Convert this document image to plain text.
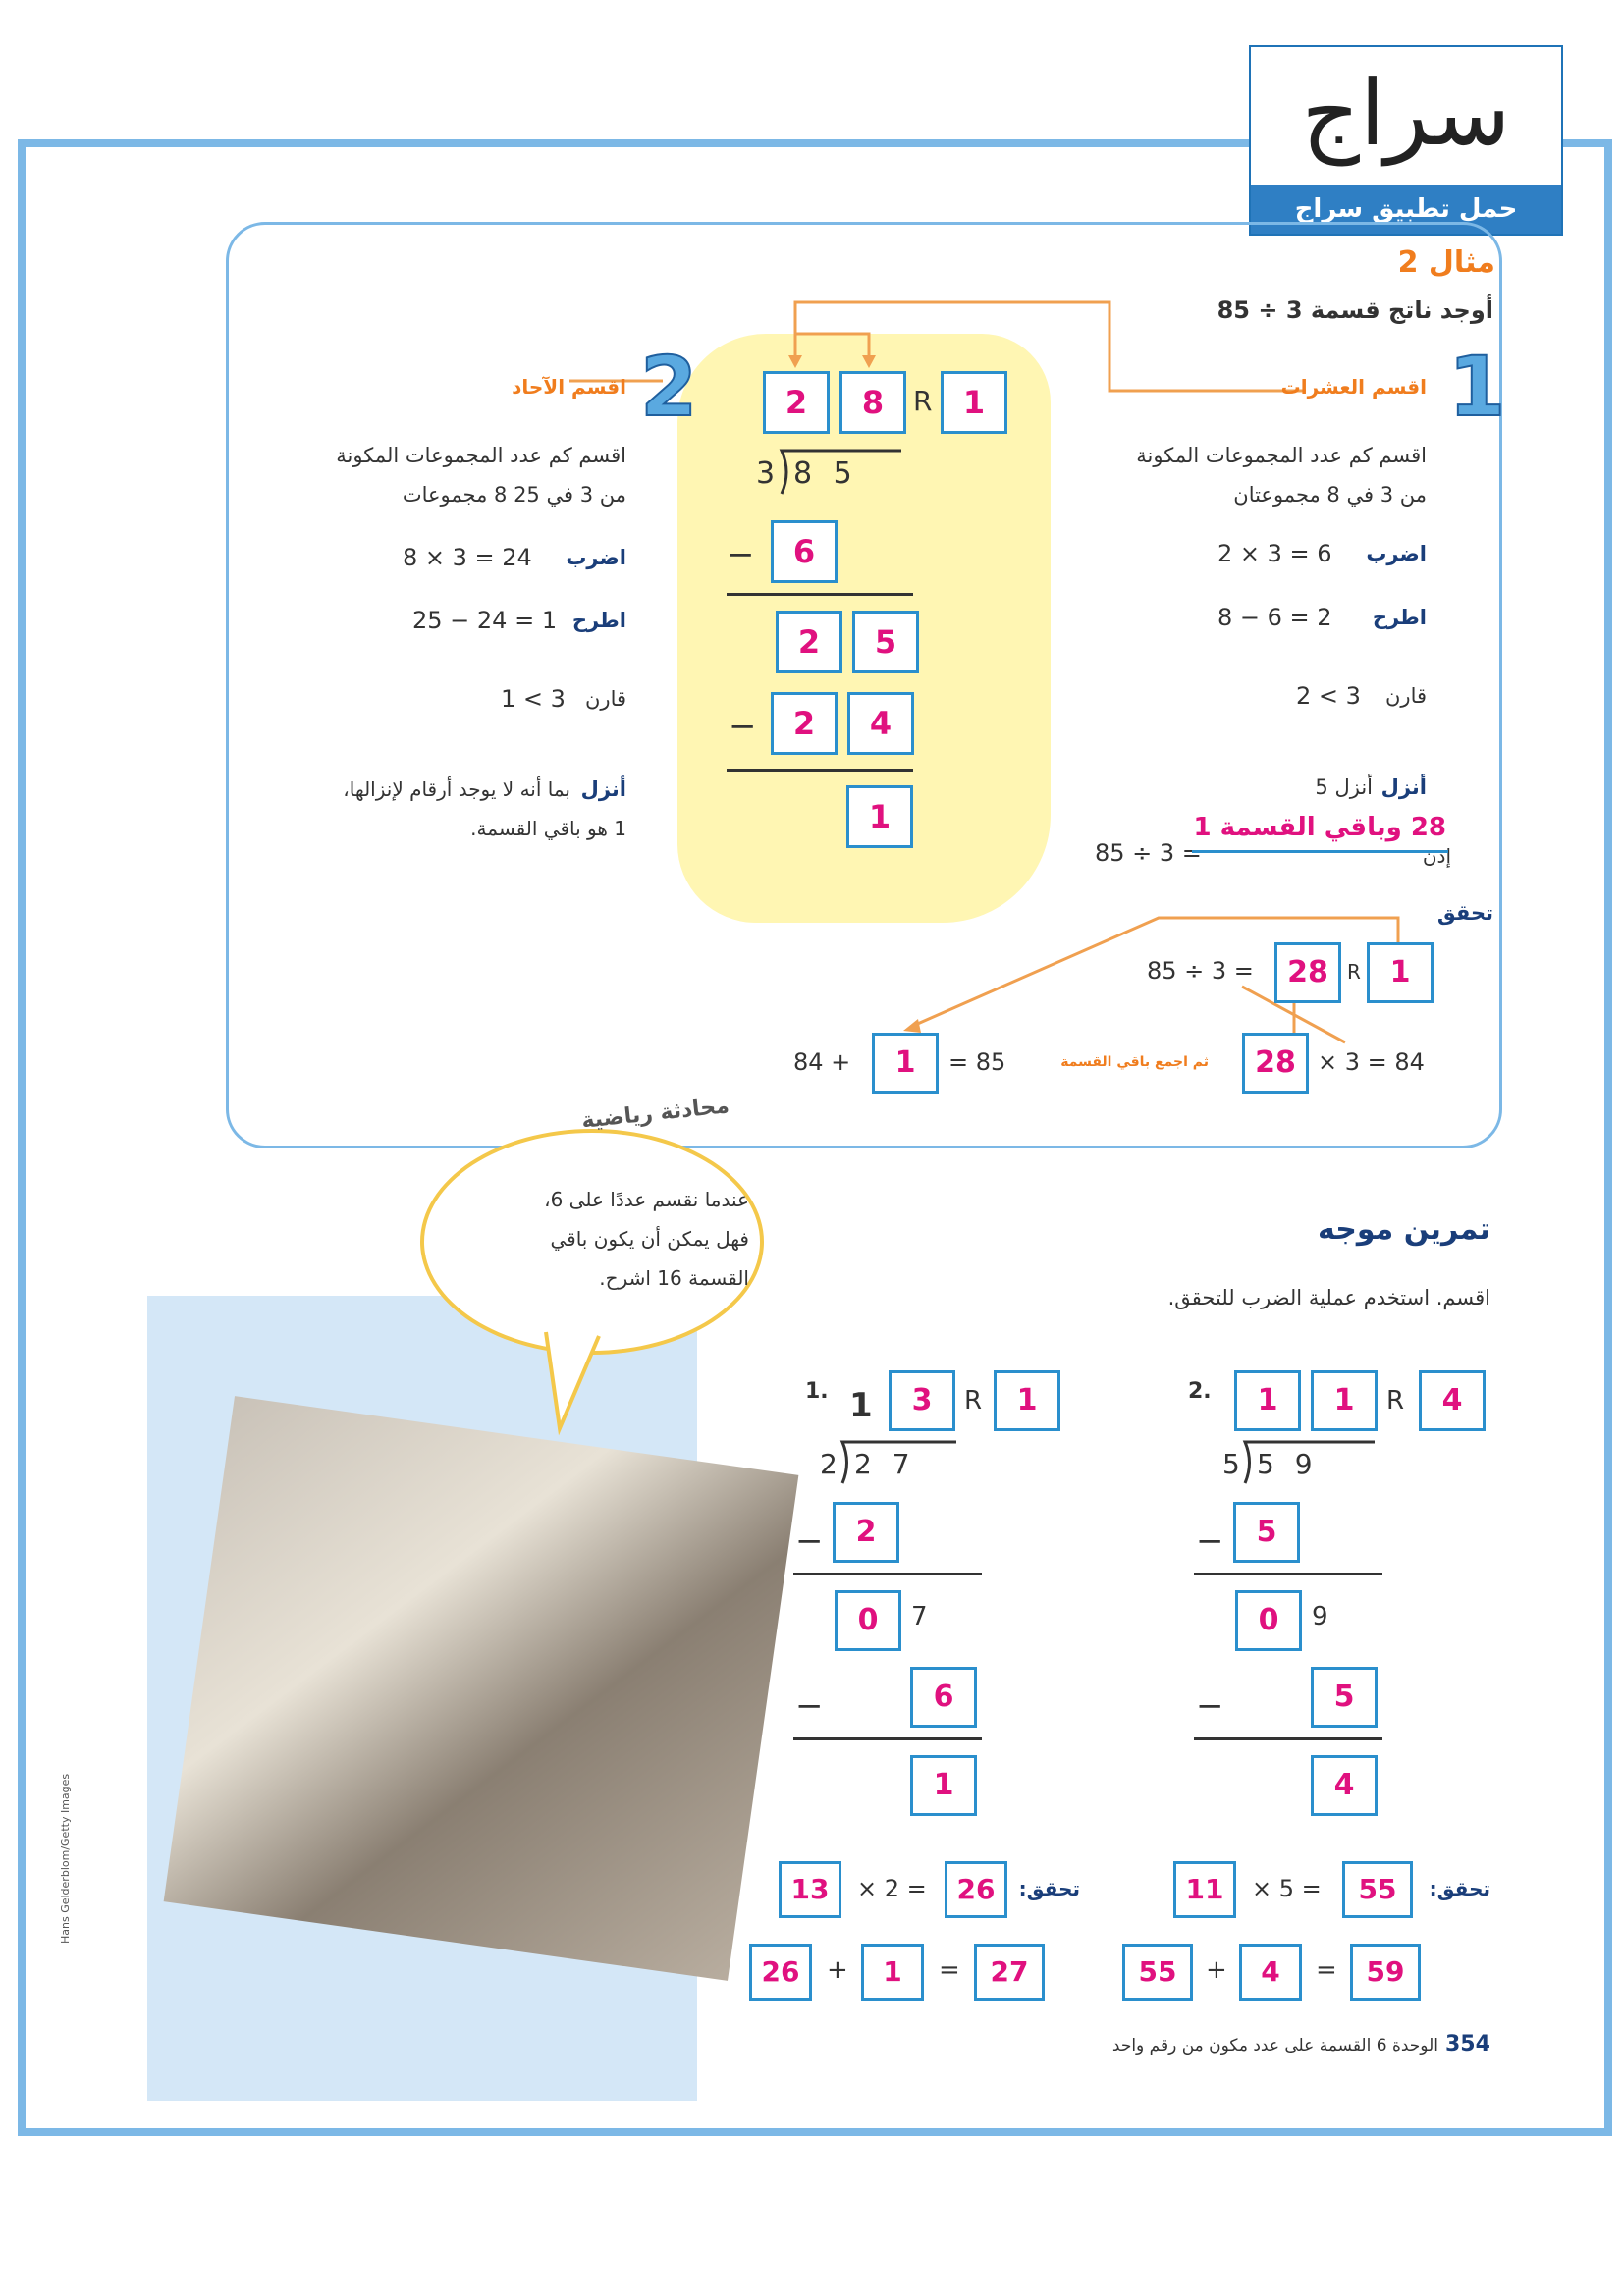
سراج
حمل تطبيق سراج
مثال 2
أوجد ناتج قسمة 3 ÷ 85
1
اقسم العشرات
اقسم كم عدد المجموعات المكونة
من 3 في 8 مجموعتان
اضرب
2 × 3 = 6
اطرح
8 − 6 = 2
قارن
2 < 3
أنزل
أنزل 5
إذن
85 ÷ 3 =
28 وباقي القسمة 1
2
اقسم الآحاد
اقسم كم عدد المجموعات المكونة
من 3 في 25 8 مجموعات
اضرب
8 × 3 = 24
اطرح
25 − 24 = 1
قارن
1 < 3
أنزل
بما أنه لا يوجد أرقام لإنزالها،
1 هو باقي القسمة.
2	8	R 1
3 8 5
−	6
2	5
−	2	4
1
تحقق
85 ÷ 3 =	28 R 1
84 +	1	= 85	ثم اجمع باقي القسمة	28 × 3 = 84
Hans Gelderblom/Getty Images
محادثة رياضية
عندما نقسم عددًا على 6،
فهل يمكن أن يكون باقي
القسمة 16 اشرح.
تمرين موجه
اقسم. استخدم عملية الضرب للتحقق.
1. 1	3	R	1
2 2 7
−	2
0	7
−	6
1
تحقق:
13	× 2 =	26
26	+	1	=	27
2.	1	1	R	4
5 5 9
−	5
0	9
−	5
4
تحقق:
11	× 5 =	55
55	+	4	=	59
354
الوحدة 6 القسمة على عدد مكون من رقم واحد
